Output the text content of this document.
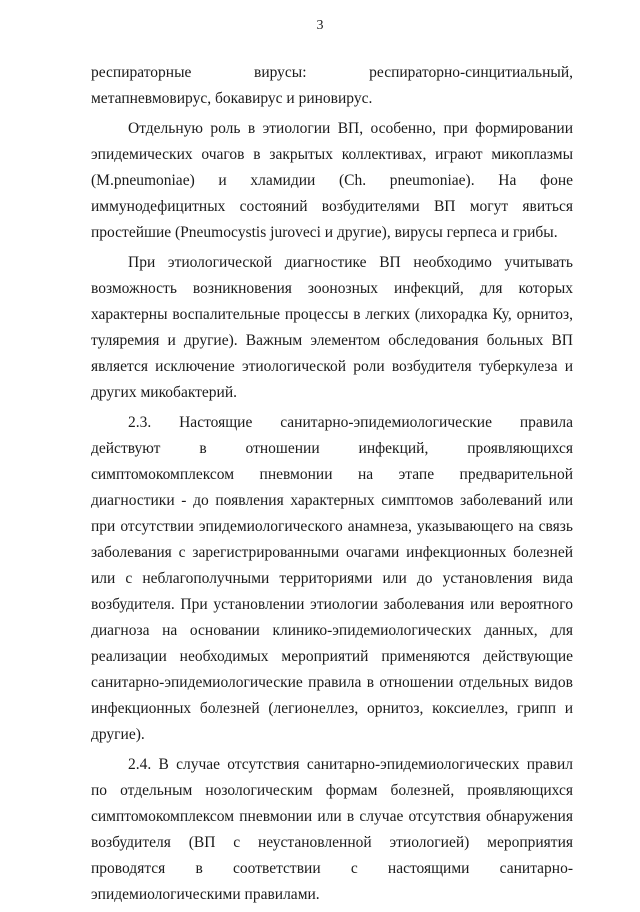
3

респираторные вирусы: респираторно-синцитиальный, метапневмовирус, бокавирус и риновирус.

Отдельную роль в этиологии ВП, особенно, при формировании эпидемических очагов в закрытых коллективах, играют микоплазмы (M.pneumoniae) и хламидии (Ch. pneumoniae). На фоне иммунодефицитных состояний возбудителями ВП могут явиться простейшие (Pneumocystis jurovecі и другие), вирусы герпеса и грибы.

При этиологической диагностике ВП необходимо учитывать возможность возникновения зоонозных инфекций, для которых характерны воспалительные процессы в легких (лихорадка Ку, орнитоз, туляремия и другие). Важным элементом обследования больных ВП является исключение этиологической роли возбудителя туберкулеза и других микобактерий.

2.3. Настоящие санитарно-эпидемиологические правила действуют в отношении инфекций, проявляющихся симптомокомплексом пневмонии на этапе предварительной диагностики - до появления характерных симптомов заболеваний или при отсутствии эпидемиологического анамнеза, указывающего на связь заболевания с зарегистрированными очагами инфекционных болезней или с неблагополучными территориями или до установления вида возбудителя. При установлении этиологии заболевания или вероятного диагноза на основании клинико-эпидемиологических данных, для реализации необходимых мероприятий применяются действующие санитарно-эпидемиологические правила в отношении отдельных видов инфекционных болезней (легионеллез, орнитоз, коксиеллез, грипп и другие).

2.4. В случае отсутствия санитарно-эпидемиологических правил по отдельным нозологическим формам болезней, проявляющихся симптомокомплексом пневмонии или в случае отсутствия обнаружения возбудителя (ВП с неустановленной этиологией) мероприятия проводятся в соответствии с настоящими санитарно-эпидемиологическими правилами.
